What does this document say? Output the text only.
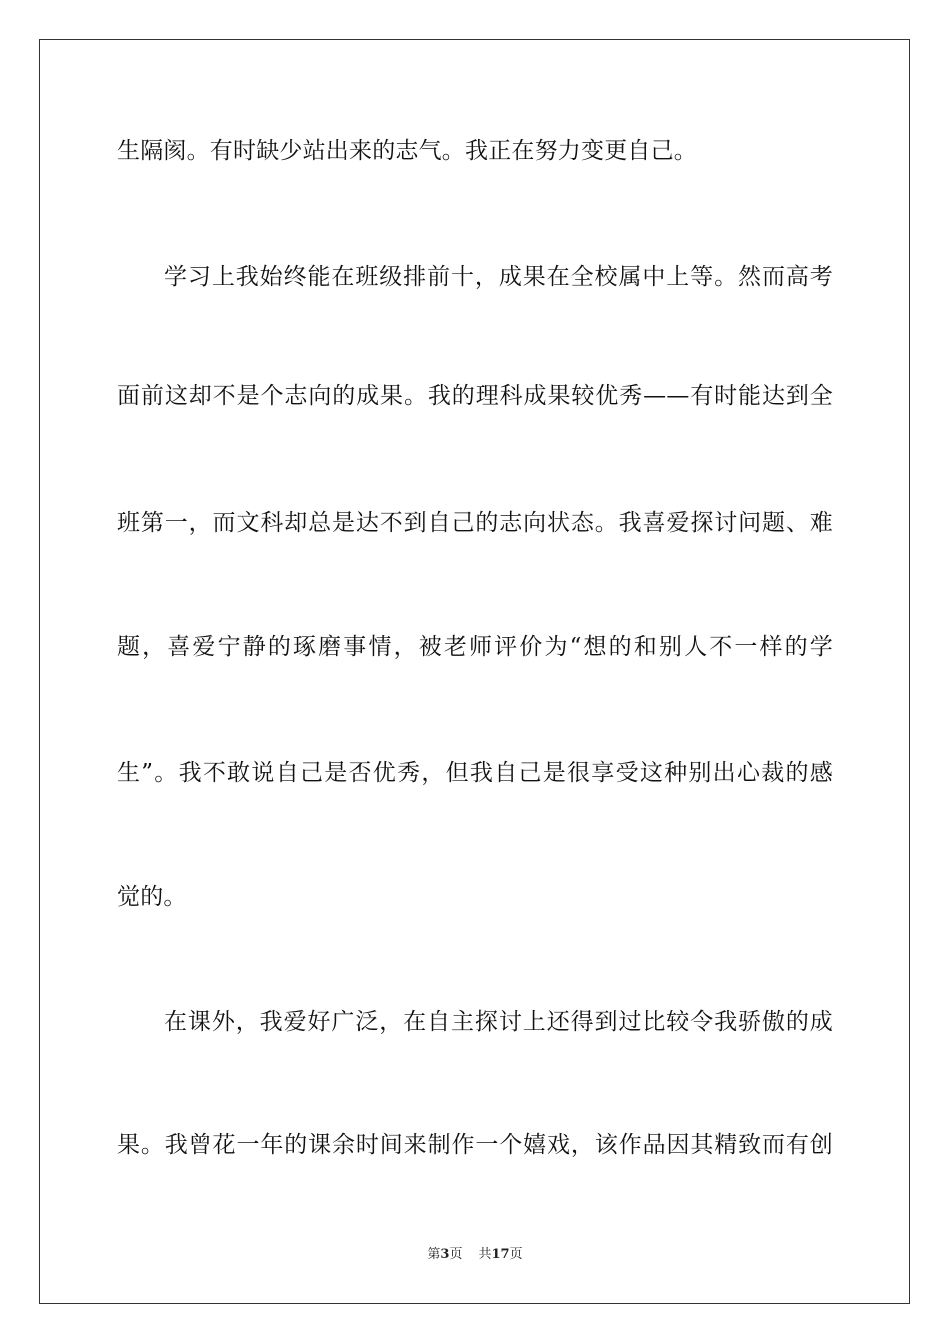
生隔阂。有时缺少站出来的志气。我正在努力变更自己。
学习上我始终能在班级排前十，成果在全校属中上等。然而高考
面前这却不是个志向的成果。我的理科成果较优秀——有时能达到全
班第一，而文科却总是达不到自己的志向状态。我喜爱探讨问题、难
题，喜爱宁静的琢磨事情，被老师评价为“想的和别人不一样的学
生”。我不敢说自己是否优秀，但我自己是很享受这种别出心裁的感
觉的。
在课外，我爱好广泛，在自主探讨上还得到过比较令我骄傲的成
果。我曾花一年的课余时间来制作一个嬉戏，该作品因其精致而有创
第3页 共17页
